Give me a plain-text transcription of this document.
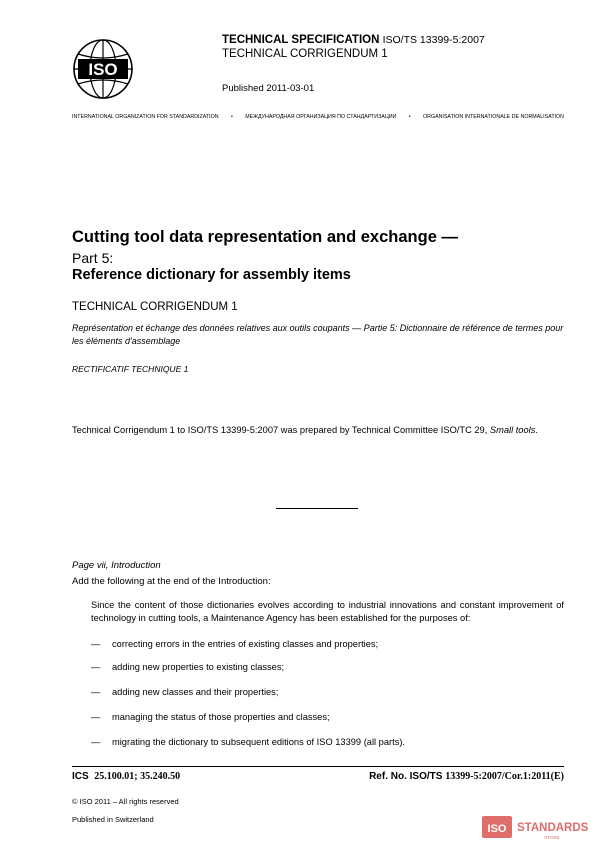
ISO
TECHNICAL SPECIFICATION ISO/TS 13399-5:2007
TECHNICAL CORRIGENDUM 1
Published 2011-03-01
INTERNATIONAL ORGANIZATION FOR STANDARDIZATION • МЕЖДУНАРОДНАЯ ОРГАНИЗАЦИЯ ПО СТАНДАРТИЗАЦИИ • ORGANISATION INTERNATIONALE DE NORMALISATION
Cutting tool data representation and exchange —
Part 5:
Reference dictionary for assembly items
TECHNICAL CORRIGENDUM 1
Représentation et échange des données relatives aux outils coupants — Partie 5: Dictionnaire de référence de termes pour les éléments d'assemblage
RECTIFICATIF TECHNIQUE 1
Technical Corrigendum 1 to ISO/TS 13399-5:2007 was prepared by Technical Committee ISO/TC 29, Small tools.
Page vii, Introduction
Add the following at the end of the Introduction:
Since the content of those dictionaries evolves according to industrial innovations and constant improvement of technology in cutting tools, a Maintenance Agency has been established for the purposes of:
— correcting errors in the entries of existing classes and properties;
— adding new properties to existing classes;
— adding new classes and their properties;
— managing the status of those properties and classes;
— migrating the dictionary to subsequent editions of ISO 13399 (all parts).
ICS 25.100.01; 35.240.50	Ref. No. ISO/TS 13399-5:2007/Cor.1:2011(E)
© ISO 2011 – All rights reserved
Published in Switzerland
ISO STANDARDS
STORE
